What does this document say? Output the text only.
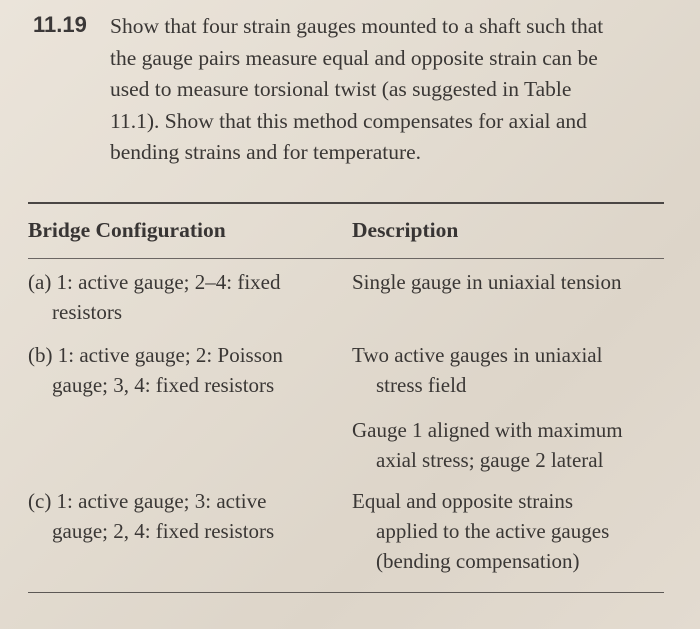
11.19 Show that four strain gauges mounted to a shaft such that
the gauge pairs measure equal and opposite strain can be
used to measure torsional twist (as suggested in Table
11.1). Show that this method compensates for axial and
bending strains and for temperature.
Bridge Configuration	Description
(a) 1: active gauge; 2–4: fixed
resistors
Single gauge in uniaxial tension
(b) 1: active gauge; 2: Poisson
gauge; 3, 4: fixed resistors
Two active gauges in uniaxial
stress field
Gauge 1 aligned with maximum
axial stress; gauge 2 lateral
(c) 1: active gauge; 3: active
gauge; 2, 4: fixed resistors
Equal and opposite strains
applied to the active gauges
(bending compensation)
